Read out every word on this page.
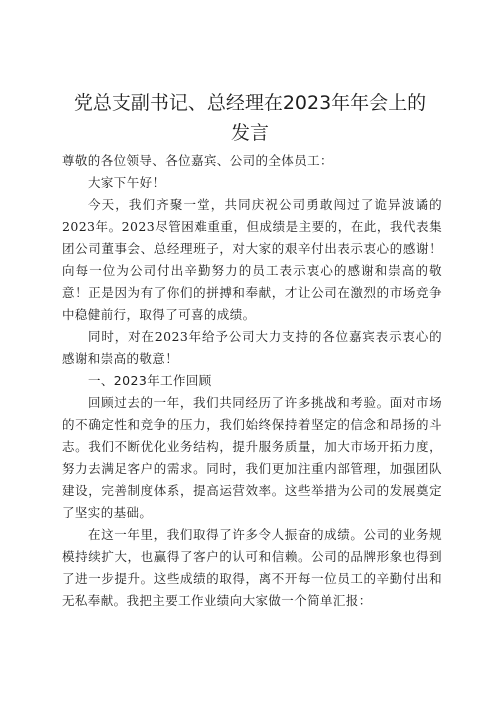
党总支副书记、总经理在2023年年会上的发言

尊敬的各位领导、各位嘉宾、公司的全体员工：

大家下午好！

今天，我们齐聚一堂，共同庆祝公司勇敢闯过了诡异波谲的2023年。2023尽管困难重重，但成绩是主要的，在此，我代表集团公司董事会、总经理班子，对大家的艰辛付出表示衷心的感谢！向每一位为公司付出辛勤努力的员工表示衷心的感谢和崇高的敬意！正是因为有了你们的拼搏和奉献，才让公司在激烈的市场竞争中稳健前行，取得了可喜的成绩。

同时，对在2023年给予公司大力支持的各位嘉宾表示衷心的感谢和崇高的敬意！

一、2023年工作回顾

回顾过去的一年，我们共同经历了许多挑战和考验。面对市场的不确定性和竞争的压力，我们始终保持着坚定的信念和昂扬的斗志。我们不断优化业务结构，提升服务质量，加大市场开拓力度，努力去满足客户的需求。同时，我们更加注重内部管理，加强团队建设，完善制度体系，提高运营效率。这些举措为公司的发展奠定了坚实的基础。

在这一年里，我们取得了许多令人振奋的成绩。公司的业务规模持续扩大，也赢得了客户的认可和信赖。公司的品牌形象也得到了进一步提升。这些成绩的取得，离不开每一位员工的辛勤付出和无私奉献。我把主要工作业绩向大家做一个简单汇报：
